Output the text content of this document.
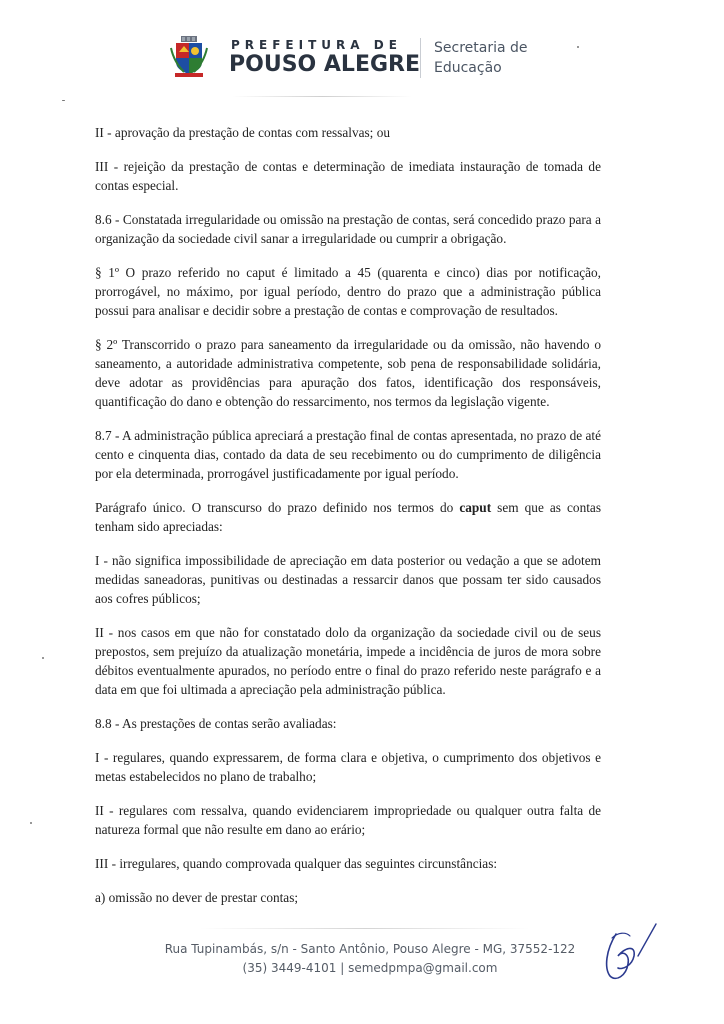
PREFEITURA DE
POUSO ALEGRE
Secretaria de
Educação

II - aprovação da prestação de contas com ressalvas; ou

III - rejeição da prestação de contas e determinação de imediata instauração de tomada de contas especial.

8.6 - Constatada irregularidade ou omissão na prestação de contas, será concedido prazo para a organização da sociedade civil sanar a irregularidade ou cumprir a obrigação.

§ 1º O prazo referido no caput é limitado a 45 (quarenta e cinco) dias por notificação, prorrogável, no máximo, por igual período, dentro do prazo que a administração pública possui para analisar e decidir sobre a prestação de contas e comprovação de resultados.

§ 2º Transcorrido o prazo para saneamento da irregularidade ou da omissão, não havendo o saneamento, a autoridade administrativa competente, sob pena de responsabilidade solidária, deve adotar as providências para apuração dos fatos, identificação dos responsáveis, quantificação do dano e obtenção do ressarcimento, nos termos da legislação vigente.

8.7 - A administração pública apreciará a prestação final de contas apresentada, no prazo de até cento e cinquenta dias, contado da data de seu recebimento ou do cumprimento de diligência por ela determinada, prorrogável justificadamente por igual período.

Parágrafo único. O transcurso do prazo definido nos termos do caput sem que as contas tenham sido apreciadas:

I - não significa impossibilidade de apreciação em data posterior ou vedação a que se adotem medidas saneadoras, punitivas ou destinadas a ressarcir danos que possam ter sido causados aos cofres públicos;

II - nos casos em que não for constatado dolo da organização da sociedade civil ou de seus prepostos, sem prejuízo da atualização monetária, impede a incidência de juros de mora sobre débitos eventualmente apurados, no período entre o final do prazo referido neste parágrafo e a data em que foi ultimada a apreciação pela administração pública.

8.8 - As prestações de contas serão avaliadas:

I - regulares, quando expressarem, de forma clara e objetiva, o cumprimento dos objetivos e metas estabelecidos no plano de trabalho;

II - regulares com ressalva, quando evidenciarem impropriedade ou qualquer outra falta de natureza formal que não resulte em dano ao erário;

III - irregulares, quando comprovada qualquer das seguintes circunstâncias:

a) omissão no dever de prestar contas;

Rua Tupinambás, s/n - Santo Antônio, Pouso Alegre - MG, 37552-122
(35) 3449-4101 | semedpmpa@gmail.com
